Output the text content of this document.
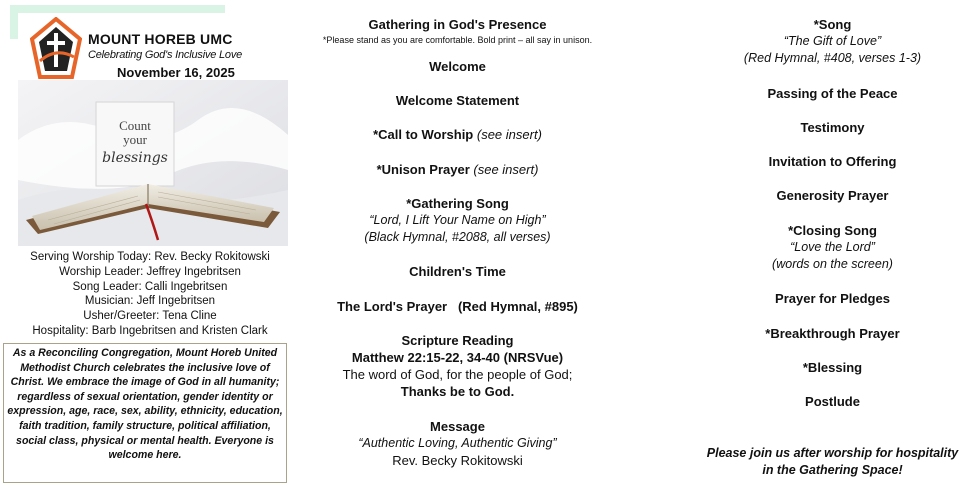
MOUNT HOREB UMC
Celebrating God's Inclusive Love
November 16, 2025
Count
your
blessings
Serving Worship Today: Rev. Becky Rokitowski
Worship Leader: Jeffrey Ingebritsen
Song Leader: Calli Ingebritsen
Musician: Jeff Ingebritsen
Usher/Greeter: Tena Cline
Hospitality: Barb Ingebritsen and Kristen Clark
As a Reconciling Congregation, Mount Horeb United Methodist Church celebrates the inclusive love of Christ. We embrace the image of God in all humanity; regardless of sexual orientation, gender identity or expression, age, race, sex, ability, ethnicity, education, faith tradition, family structure, political affiliation, social class, physical or mental health. Everyone is welcome here.
Gathering in God's Presence
*Please stand as you are comfortable. Bold print – all say in unison.
Welcome
Welcome Statement
*Call to Worship (see insert)
*Unison Prayer (see insert)
*Gathering Song
“Lord, I Lift Your Name on High”
(Black Hymnal, #2088, all verses)
Children's Time
The Lord's Prayer   (Red Hymnal, #895)
Scripture Reading
Matthew 22:15-22, 34-40 (NRSVue)
The word of God, for the people of God;
Thanks be to God.
Message
“Authentic Loving, Authentic Giving”
Rev. Becky Rokitowski
*Song
“The Gift of Love”
(Red Hymnal, #408, verses 1-3)
Passing of the Peace
Testimony
Invitation to Offering
Generosity Prayer
*Closing Song
“Love the Lord”
(words on the screen)
Prayer for Pledges
*Breakthrough Prayer
*Blessing
Postlude
Please join us after worship for hospitality
in the Gathering Space!
